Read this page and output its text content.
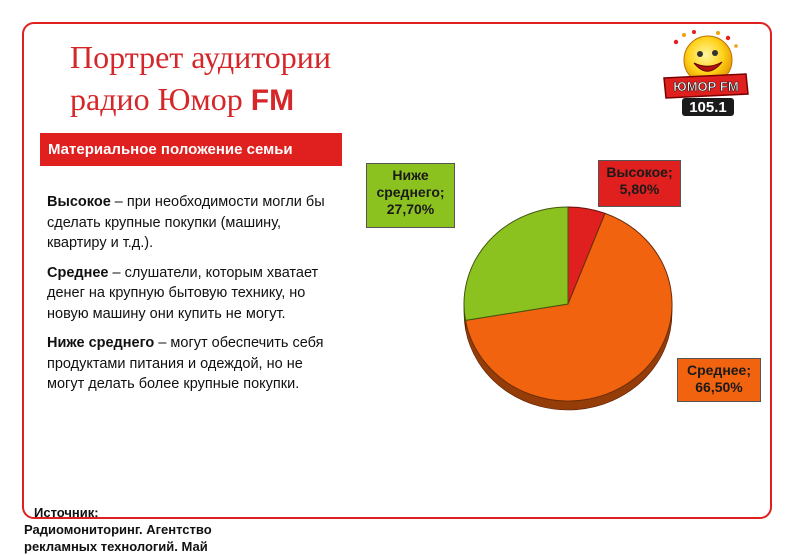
Портрет аудитории
радио Юмор FM	ЮМОР FM
105.1
Материальное положение семьи

Высокое – при необходимости могли бы сделать крупные покупки (машину, квартиру и т.д.).

Среднее – слушатели, которым хватает денег на крупную бытовую технику, но новую машину они купить не могут.

Ниже среднего – могут обеспечить себя продуктами питания и одеждой, но не могут делать более крупные покупки.

Ниже
среднего;
27,70%
Высокое;
5,80%
Среднее;
66,50%
Источник:
Радиомониторинг. Агентство
рекламных технологий. Май
